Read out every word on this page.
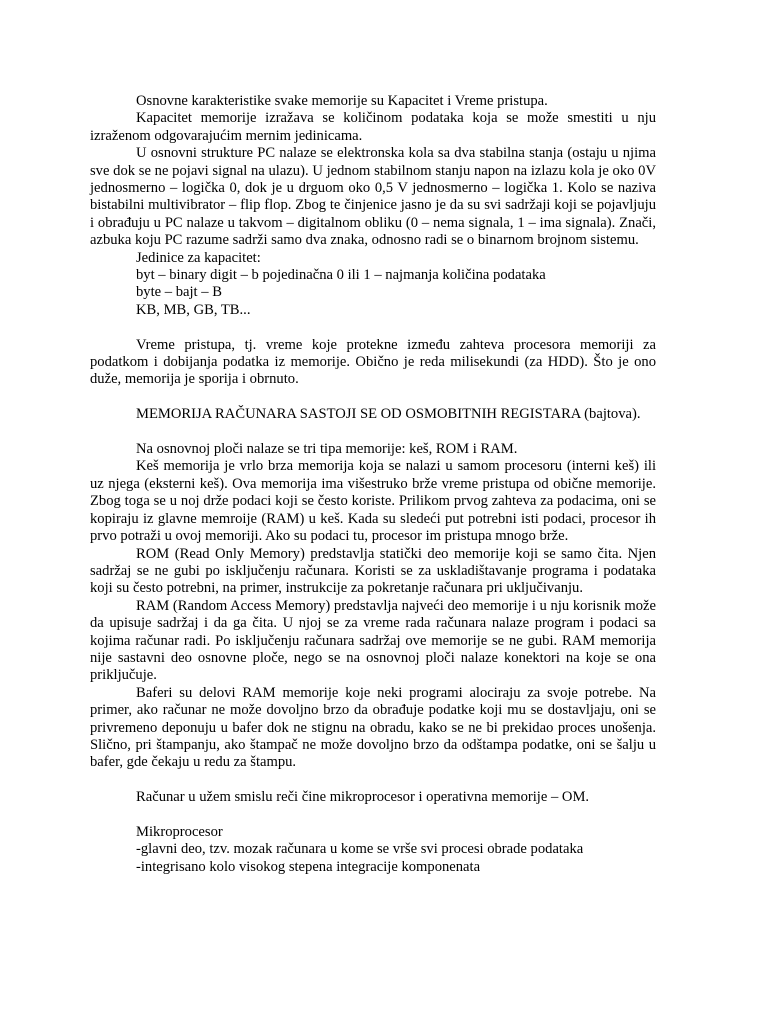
Osnovne karakteristike svake memorije su Kapacitet i Vreme pristupa.

Kapacitet memorije izražava se količinom podataka koja se može smestiti u nju izraženom odgovarajućim mernim jedinicama.

U osnovni strukture PC nalaze se elektronska kola sa dva stabilna stanja (ostaju u njima sve dok se ne pojavi signal na ulazu). U jednom stabilnom stanju napon na izlazu kola je oko 0V jednosmerno – logička 0, dok je u drguom oko 0,5 V jednosmerno – logička 1. Kolo se naziva bistabilni multivibrator – flip flop. Zbog te činjenice jasno je da su svi sadržaji koji se pojavljuju i obrađuju u PC nalaze u takvom – digitalnom obliku (0 – nema signala, 1 – ima signala). Znači, azbuka koju PC razume sadrži samo dva znaka, odnosno radi se o binarnom brojnom sistemu.

Jedinice za kapacitet:

byt – binary digit – b pojedinačna 0 ili 1 – najmanja količina podataka

byte – bajt – B

KB, MB, GB, TB...

Vreme pristupa, tj. vreme koje protekne između zahteva procesora memoriji za podatkom i dobijanja podatka iz memorije. Obično je reda milisekundi (za HDD). Što je ono duže, memorija je sporija i obrnuto.

MEMORIJA RAČUNARA SASTOJI SE OD OSMOBITNIH REGISTARA (bajtova).

Na osnovnoj ploči nalaze se tri tipa memorije: keš, ROM i RAM.

Keš memorija je vrlo brza memorija koja se nalazi u samom procesoru (interni keš) ili uz njega (eksterni keš). Ova memorija ima višestruko brže vreme pristupa od obične memorije. Zbog toga se u noj drže podaci koji se često koriste. Prilikom prvog zahteva za podacima, oni se kopiraju iz glavne memroije (RAM) u keš. Kada su sledeći put potrebni isti podaci, procesor ih prvo potraži u ovoj memoriji. Ako su podaci tu, procesor im pristupa mnogo brže.

ROM (Read Only Memory) predstavlja statički deo memorije koji se samo čita. Njen sadržaj se ne gubi po isključenju računara. Koristi se za uskladištavanje programa i podataka koji su često potrebni, na primer, instrukcije za pokretanje računara pri uključivanju.

RAM (Random Access Memory) predstavlja najveći deo memorije i u nju korisnik može da upisuje sadržaj i da ga čita. U njoj se za vreme rada računara nalaze program i podaci sa kojima računar radi. Po isključenju računara sadržaj ove memorije se ne gubi. RAM memorija nije sastavni deo osnovne ploče, nego se na osnovnoj ploči nalaze konektori na koje se ona priključuje.

Baferi su delovi RAM memorije koje neki programi alociraju za svoje potrebe. Na primer, ako računar ne može dovoljno brzo da obrađuje podatke koji mu se dostavljaju, oni se privremeno deponuju u bafer dok ne stignu na obradu, kako se ne bi prekidao proces unošenja. Slično, pri štampanju, ako štampač ne može dovoljno brzo da odštampa podatke, oni se šalju u bafer, gde čekaju u redu za štampu.

Računar u užem smislu reči čine mikroprocesor i operativna memorije – OM.

Mikroprocesor

-glavni deo, tzv. mozak računara u kome se vrše svi procesi obrade podataka

-integrisano kolo visokog stepena integracije komponenata
